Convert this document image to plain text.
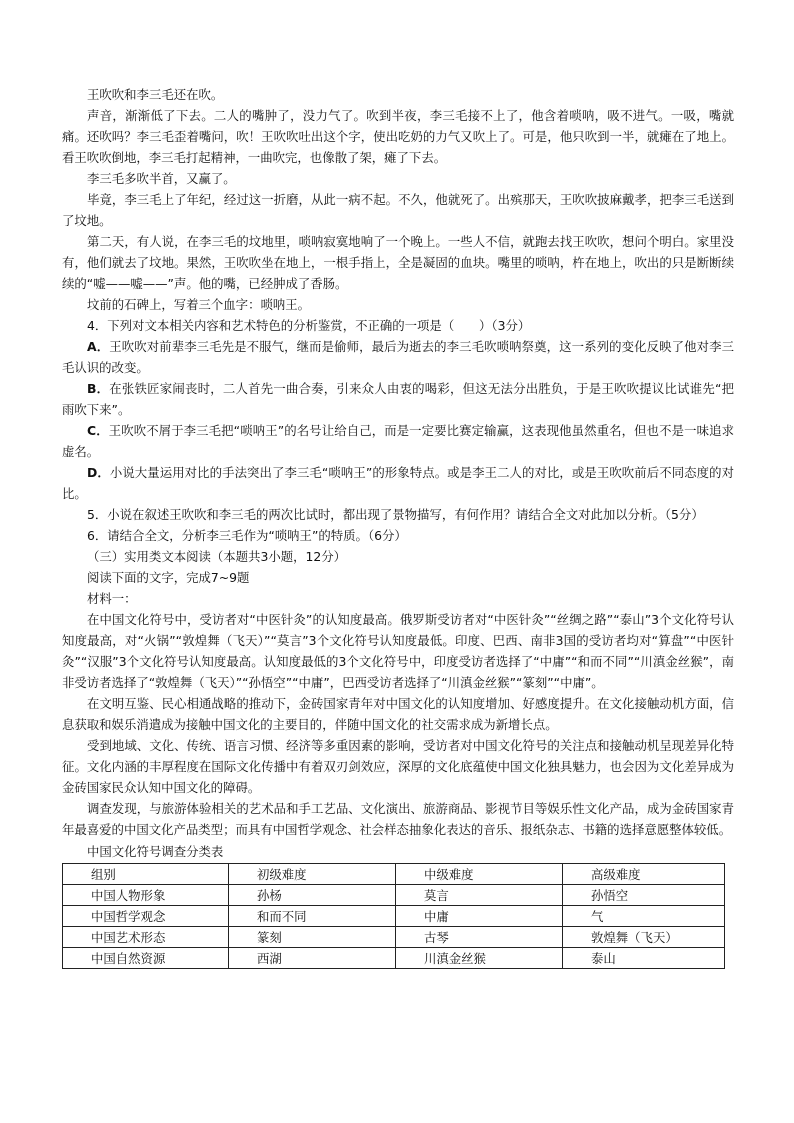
王吹吹和李三毛还在吹。

声音，渐渐低了下去。二人的嘴肿了，没力气了。吹到半夜，李三毛接不上了，他含着唢呐，吸不进气。一吸，嘴就痛。还吹吗？李三毛歪着嘴问，吹！王吹吹吐出这个字，使出吃奶的力气又吹上了。可是，他只吹到一半，就瘫在了地上。看王吹吹倒地，李三毛打起精神，一曲吹完，也像散了架，瘫了下去。

李三毛多吹半首，又赢了。

毕竟，李三毛上了年纪，经过这一折磨，从此一病不起。不久，他就死了。出殡那天，王吹吹披麻戴孝，把李三毛送到了坟地。

第二天，有人说，在李三毛的坟地里，唢呐寂寞地响了一个晚上。一些人不信，就跑去找王吹吹，想问个明白。家里没有，他们就去了坟地。果然，王吹吹坐在地上，一根手指上，全是凝固的血块。嘴里的唢呐，杵在地上，吹出的只是断断续续的“嘘——嘘——”声。他的嘴，已经肿成了香肠。

坟前的石碑上，写着三个血字：唢呐王。

4．下列对文本相关内容和艺术特色的分析鉴赏，不正确的一项是（　　）（3分）

A．王吹吹对前辈李三毛先是不服气，继而是偷师，最后为逝去的李三毛吹唢呐祭奠，这一系列的变化反映了他对李三毛认识的改变。

B．在张铁匠家闹丧时，二人首先一曲合奏，引来众人由衷的喝彩，但这无法分出胜负，于是王吹吹提议比试谁先“把雨吹下来”。

C．王吹吹不屑于李三毛把“唢呐王”的名号让给自己，而是一定要比赛定输赢，这表现他虽然重名，但也不是一味追求虚名。

D．小说大量运用对比的手法突出了李三毛“唢呐王”的形象特点。或是李王二人的对比，或是王吹吹前后不同态度的对比。

5．小说在叙述王吹吹和李三毛的两次比试时，都出现了景物描写，有何作用？请结合全文对此加以分析。（5分）

6．请结合全文，分析李三毛作为“唢呐王”的特质。（6分）

（三）实用类文本阅读（本题共3小题，12分）

阅读下面的文字，完成7~9题

材料一：

在中国文化符号中，受访者对“中医针灸”的认知度最高。俄罗斯受访者对“中医针灸”“丝绸之路”“泰山”3个文化符号认知度最高，对“火锅”“敦煌舞（飞天）”“莫言”3个文化符号认知度最低。印度、巴西、南非3国的受访者均对“算盘”“中医针灸”“汉服”3个文化符号认知度最高。认知度最低的3个文化符号中，印度受访者选择了“中庸”“和而不同”“川滇金丝猴”，南非受访者选择了“敦煌舞（飞天）”“孙悟空”“中庸”，巴西受访者选择了“川滇金丝猴”“篆刻”“中庸”。

在文明互鉴、民心相通战略的推动下，金砖国家青年对中国文化的认知度增加、好感度提升。在文化接触动机方面，信息获取和娱乐消遣成为接触中国文化的主要目的，伴随中国文化的社交需求成为新增长点。

受到地域、文化、传统、语言习惯、经济等多重因素的影响，受访者对中国文化符号的关注点和接触动机呈现差异化特征。文化内涵的丰厚程度在国际文化传播中有着双刃剑效应，深厚的文化底蕴使中国文化独具魅力，也会因为文化差异成为金砖国家民众认知中国文化的障碍。

调查发现，与旅游体验相关的艺术品和手工艺品、文化演出、旅游商品、影视节目等娱乐性文化产品，成为金砖国家青年最喜爱的中国文化产品类型；而具有中国哲学观念、社会样态抽象化表达的音乐、报纸杂志、书籍的选择意愿整体较低。

中国文化符号调查分类表

组别	初级难度	中级难度	高级难度
中国人物形象	孙杨	莫言	孙悟空
中国哲学观念	和而不同	中庸	气
中国艺术形态	篆刻	古琴	敦煌舞（飞天）
中国自然资源	西湖	川滇金丝猴	泰山
